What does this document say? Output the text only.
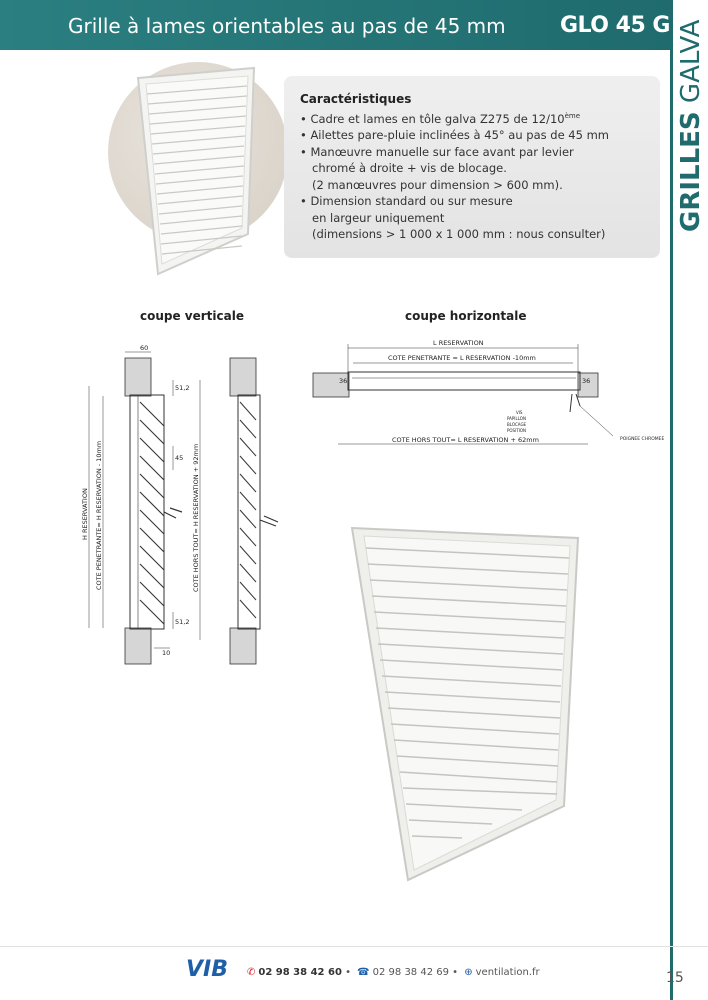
Grille à lames orientables au pas de 45 mm GLO 45 G
GRILLES GALVA
Caractéristiques
• Cadre et lames en tôle galva Z275 de 12/10ème
• Ailettes pare-pluie inclinées à 45° au pas de 45 mm
• Manœuvre manuelle sur face avant par levier
chromé à droite + vis de blocage.
(2 manœuvres pour dimension > 600 mm).
• Dimension standard ou sur mesure
en largeur uniquement
(dimensions > 1 000 x 1 000 mm : nous consulter)
coupe verticale	coupe horizontale
60
51,2
45
51,2
10
H RESERVATION COTE PENETRANTE= H RESERVATION - 10mm	COTE HORS TOUT= H RESERVATION + 92mm
L RESERVATION
COTE PENETRANTE = L RESERVATION -10mm
36	36
VIS
PAPILLON
BLOCAGE
POSITION
POIGNEE CHROMEE
COTE HORS TOUT= L RESERVATION + 62mm
VIB	✆ 02 98 38 42 60 • ☎ 02 98 38 42 69 • ⊕ ventilation.fr	15
